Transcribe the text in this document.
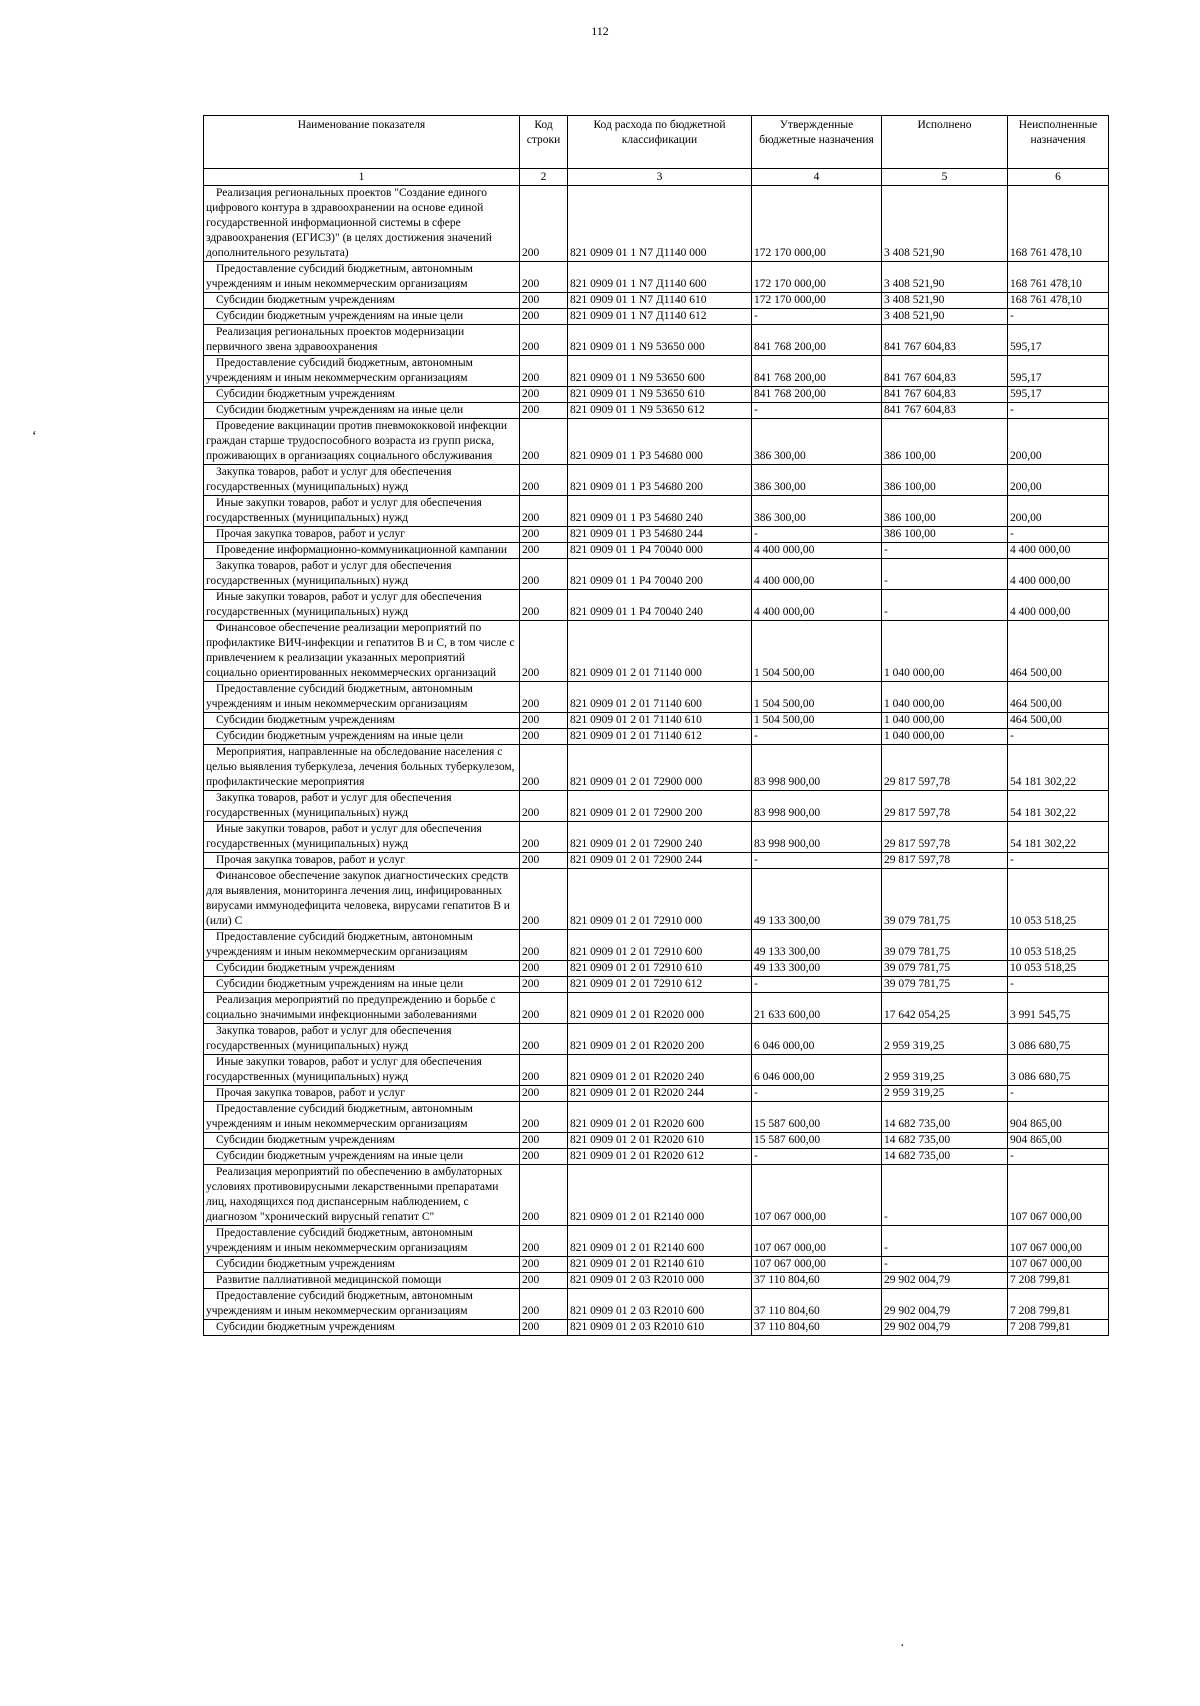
112
‘
·
Наименование показателя	Код строки	Код расхода по бюджетной классификации	Утвержденные бюджетные назначения	Исполнено	Неисполненные назначения
1	2	3	4	5	6

Реализация региональных проектов "Создание единого цифрового контура в здравоохранении на основе единой государственной информационной системы в сфере здравоохранения (ЕГИСЗ)" (в целях достижения значений дополнительного результата)	200	821 0909 01 1 N7 Д1140 000	172 170 000,00	3 408 521,90	168 761 478,10

Предоставление субсидий бюджетным, автономным учреждениям и иным некоммерческим организациям	200	821 0909 01 1 N7 Д1140 600	172 170 000,00	3 408 521,90	168 761 478,10

Субсидии бюджетным учреждениям	200	821 0909 01 1 N7 Д1140 610	172 170 000,00	3 408 521,90	168 761 478,10

Субсидии бюджетным учреждениям на иные цели	200	821 0909 01 1 N7 Д1140 612	-	3 408 521,90	-

Реализация региональных проектов модернизации первичного звена здравоохранения	200	821 0909 01 1 N9 53650 000	841 768 200,00	841 767 604,83	595,17

Предоставление субсидий бюджетным, автономным учреждениям и иным некоммерческим организациям	200	821 0909 01 1 N9 53650 600	841 768 200,00	841 767 604,83	595,17

Субсидии бюджетным учреждениям	200	821 0909 01 1 N9 53650 610	841 768 200,00	841 767 604,83	595,17

Субсидии бюджетным учреждениям на иные цели	200	821 0909 01 1 N9 53650 612	-	841 767 604,83	-

Проведение вакцинации против пневмококковой инфекции граждан старше трудоспособного возраста из групп риска, проживающих в организациях социального обслуживания	200	821 0909 01 1 P3 54680 000	386 300,00	386 100,00	200,00

Закупка товаров, работ и услуг для обеспечения государственных (муниципальных) нужд	200	821 0909 01 1 P3 54680 200	386 300,00	386 100,00	200,00

Иные закупки товаров, работ и услуг для обеспечения государственных (муниципальных) нужд	200	821 0909 01 1 P3 54680 240	386 300,00	386 100,00	200,00

Прочая закупка товаров, работ и услуг	200	821 0909 01 1 P3 54680 244	-	386 100,00	-

Проведение информационно-коммуникационной кампании	200	821 0909 01 1 P4 70040 000	4 400 000,00	-	4 400 000,00

Закупка товаров, работ и услуг для обеспечения государственных (муниципальных) нужд	200	821 0909 01 1 P4 70040 200	4 400 000,00	-	4 400 000,00

Иные закупки товаров, работ и услуг для обеспечения государственных (муниципальных) нужд	200	821 0909 01 1 P4 70040 240	4 400 000,00	-	4 400 000,00

Финансовое обеспечение реализации мероприятий по профилактике ВИЧ-инфекции и гепатитов В и С, в том числе с привлечением к реализации указанных мероприятий социально ориентированных некоммерческих организаций	200	821 0909 01 2 01 71140 000	1 504 500,00	1 040 000,00	464 500,00

Предоставление субсидий бюджетным, автономным учреждениям и иным некоммерческим организациям	200	821 0909 01 2 01 71140 600	1 504 500,00	1 040 000,00	464 500,00

Субсидии бюджетным учреждениям	200	821 0909 01 2 01 71140 610	1 504 500,00	1 040 000,00	464 500,00

Субсидии бюджетным учреждениям на иные цели	200	821 0909 01 2 01 71140 612	-	1 040 000,00	-

Мероприятия, направленные на обследование населения с целью выявления туберкулеза, лечения больных туберкулезом, профилактические мероприятия	200	821 0909 01 2 01 72900 000	83 998 900,00	29 817 597,78	54 181 302,22

Закупка товаров, работ и услуг для обеспечения государственных (муниципальных) нужд	200	821 0909 01 2 01 72900 200	83 998 900,00	29 817 597,78	54 181 302,22

Иные закупки товаров, работ и услуг для обеспечения государственных (муниципальных) нужд	200	821 0909 01 2 01 72900 240	83 998 900,00	29 817 597,78	54 181 302,22

Прочая закупка товаров, работ и услуг	200	821 0909 01 2 01 72900 244	-	29 817 597,78	-

Финансовое обеспечение закупок диагностических средств для выявления, мониторинга лечения лиц, инфицированных вирусами иммунодефицита человека, вирусами гепатитов В и (или) С	200	821 0909 01 2 01 72910 000	49 133 300,00	39 079 781,75	10 053 518,25

Предоставление субсидий бюджетным, автономным учреждениям и иным некоммерческим организациям	200	821 0909 01 2 01 72910 600	49 133 300,00	39 079 781,75	10 053 518,25

Субсидии бюджетным учреждениям	200	821 0909 01 2 01 72910 610	49 133 300,00	39 079 781,75	10 053 518,25

Субсидии бюджетным учреждениям на иные цели	200	821 0909 01 2 01 72910 612	-	39 079 781,75	-

Реализация мероприятий по предупреждению и борьбе с социально значимыми инфекционными заболеваниями	200	821 0909 01 2 01 R2020 000	21 633 600,00	17 642 054,25	3 991 545,75

Закупка товаров, работ и услуг для обеспечения государственных (муниципальных) нужд	200	821 0909 01 2 01 R2020 200	6 046 000,00	2 959 319,25	3 086 680,75

Иные закупки товаров, работ и услуг для обеспечения государственных (муниципальных) нужд	200	821 0909 01 2 01 R2020 240	6 046 000,00	2 959 319,25	3 086 680,75

Прочая закупка товаров, работ и услуг	200	821 0909 01 2 01 R2020 244	-	2 959 319,25	-

Предоставление субсидий бюджетным, автономным учреждениям и иным некоммерческим организациям	200	821 0909 01 2 01 R2020 600	15 587 600,00	14 682 735,00	904 865,00

Субсидии бюджетным учреждениям	200	821 0909 01 2 01 R2020 610	15 587 600,00	14 682 735,00	904 865,00

Субсидии бюджетным учреждениям на иные цели	200	821 0909 01 2 01 R2020 612	-	14 682 735,00	-

Реализация мероприятий по обеспечению в амбулаторных условиях противовирусными лекарственными препаратами лиц, находящихся под диспансерным наблюдением, с диагнозом "хронический вирусный гепатит С"	200	821 0909 01 2 01 R2140 000	107 067 000,00	-	107 067 000,00

Предоставление субсидий бюджетным, автономным учреждениям и иным некоммерческим организациям	200	821 0909 01 2 01 R2140 600	107 067 000,00	-	107 067 000,00

Субсидии бюджетным учреждениям	200	821 0909 01 2 01 R2140 610	107 067 000,00	-	107 067 000,00

Развитие паллиативной медицинской помощи	200	821 0909 01 2 03 R2010 000	37 110 804,60	29 902 004,79	7 208 799,81

Предоставление субсидий бюджетным, автономным учреждениям и иным некоммерческим организациям	200	821 0909 01 2 03 R2010 600	37 110 804,60	29 902 004,79	7 208 799,81

Субсидии бюджетным учреждениям	200	821 0909 01 2 03 R2010 610	37 110 804,60	29 902 004,79	7 208 799,81
